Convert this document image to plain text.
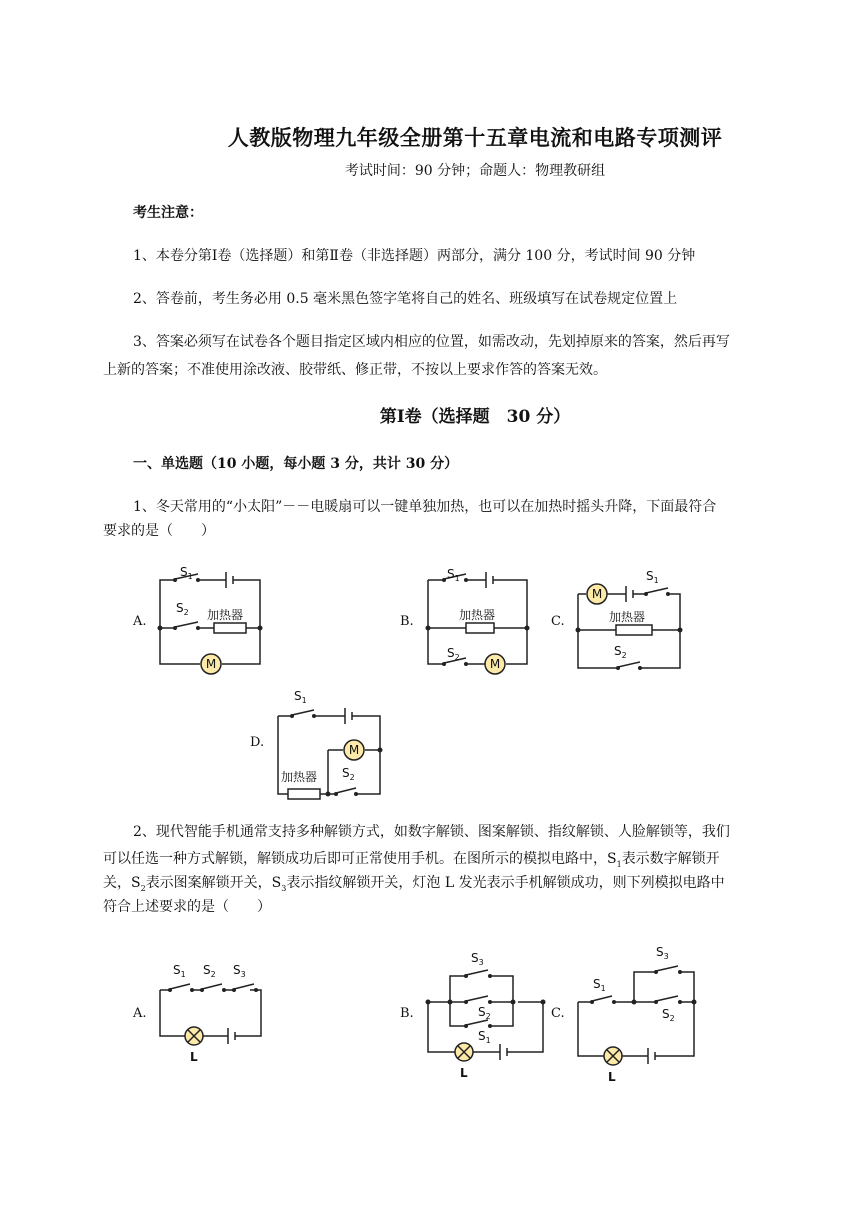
人教版物理九年级全册第十五章电流和电路专项测评
考试时间：90 分钟；命题人：物理教研组
考生注意：
1、本卷分第Ⅰ卷（选择题）和第Ⅱ卷（非选择题）两部分，满分 100 分，考试时间 90 分钟
2、答卷前，考生务必用 0.5 毫米黑色签字笔将自己的姓名、班级填写在试卷规定位置上
3、答案必须写在试卷各个题目指定区域内相应的位置，如需改动，先划掉原来的答案，然后再写
上新的答案；不准使用涂改液、胶带纸、修正带，不按以上要求作答的答案无效。
第Ⅰ卷（选择题　30 分）
一、单选题（10 小题，每小题 3 分，共计 30 分）
1、冬天常用的“小太阳”－－电暖扇可以一键单独加热，也可以在加热时摇头升降，下面最符合
要求的是（　　）
A.	B.	C.
D.
M	M
M
M
加热器	加热器	加热器
加热器
$S_1$
$S_2$
$S_1$
$S_2$
$S_1$
$S_2$
$S_1$
$S_2$
2、现代智能手机通常支持多种解锁方式，如数字解锁、图案解锁、指纹解锁、人脸解锁等，我们
可以任选一种方式解锁，解锁成功后即可正常使用手机。在图所示的模拟电路中，$S_1$表示数字解锁开
关，$S_2$表示图案解锁开关，$S_3$表示指纹解锁开关，灯泡 L 发光表示手机解锁成功，则下列模拟电路中
符合上述要求的是（　　）
A.	B.	C.
L
L	L
$S_1$ $S_2$ $S_3$
$S_3$
$S_2$
$S_1$
$S_1$
$S_3$
$S_2$
